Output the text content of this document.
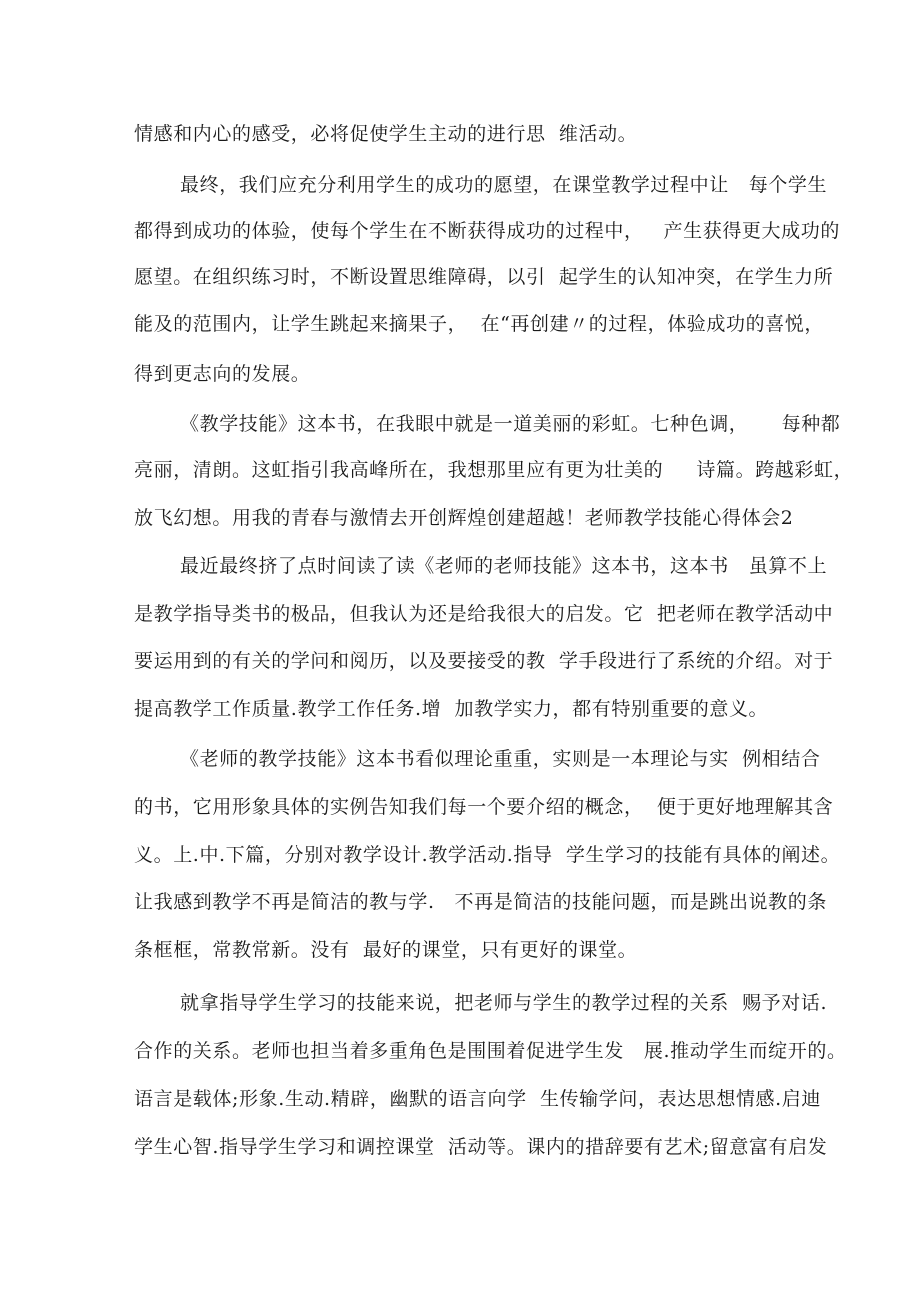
情感和内心的感受，必将促使学生主动的进行思  维活动。

最终，我们应充分利用学生的成功的愿望，在课堂教学过程中让   每个学生

都得到成功的体验，使每个学生在不断获得成功的过程中，   产生获得更大成功的

愿望。在组织练习时，不断设置思维障碍，以引  起学生的认知冲突，在学生力所

能及的范围内，让学生跳起来摘果子，  在“再创建〃的过程，体验成功的喜悦，

得到更志向的发展。

《教学技能》这本书，在我眼中就是一道美丽的彩虹。七种色调，     每种都

亮丽，清朗。这虹指引我高峰所在，我想那里应有更为壮美的     诗篇。跨越彩虹，

放飞幻想。用我的青春与激情去开创辉煌创建超越！老师教学技能心得体会2

最近最终挤了点时间读了读《老师的老师技能》这本书，这本书   虽算不上

是教学指导类书的极品，但我认为还是给我很大的启发。它  把老师在教学活动中

要运用到的有关的学问和阅历，以及要接受的教  学手段进行了系统的介绍。对于

提高教学工作质量.教学工作任务.增  加教学实力，都有特别重要的意义。

《老师的教学技能》这本书看似理论重重，实则是一本理论与实  例相结合

的书，它用形象具体的实例告知我们每一个要介绍的概念，  便于更好地理解其含

义。上.中.下篇，分别对教学设计.教学活动.指导  学生学习的技能有具体的阐述。

让我感到教学不再是简洁的教与学.   不再是简洁的技能问题，而是跳出说教的条

条框框，常教常新。没有  最好的课堂，只有更好的课堂。

就拿指导学生学习的技能来说，把老师与学生的教学过程的关系  赐予对话.

合作的关系。老师也担当着多重角色是围围着促进学生发   展.推动学生而绽开的。

语言是载体;形象.生动.精辟，幽默的语言向学  生传输学问，表达思想情感.启迪

学生心智.指导学生学习和调控课堂  活动等。课内的措辞要有艺术;留意富有启发
